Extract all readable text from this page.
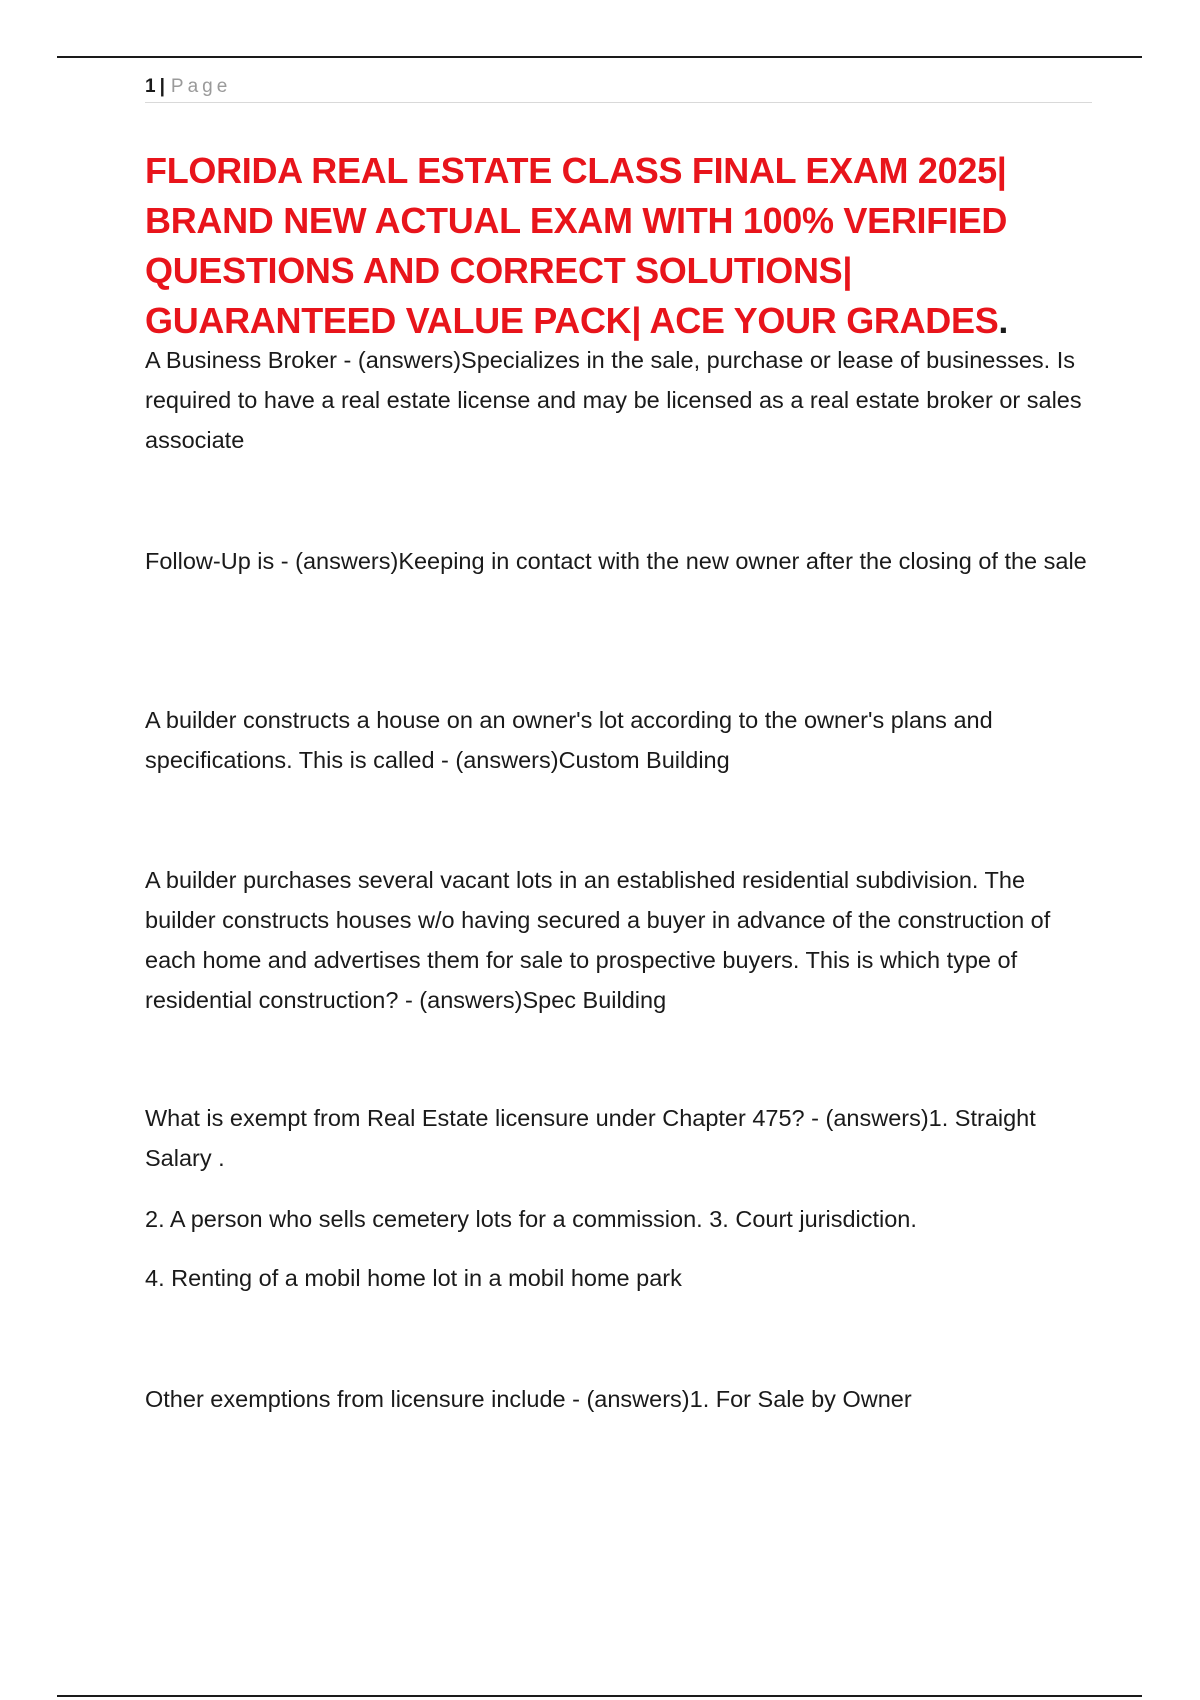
1 | Page
FLORIDA REAL ESTATE CLASS FINAL EXAM 2025| BRAND NEW ACTUAL EXAM WITH 100% VERIFIED QUESTIONS AND CORRECT SOLUTIONS| GUARANTEED VALUE PACK| ACE YOUR GRADES.

A Business Broker - (answers)Specializes in the sale, purchase or lease of businesses. Is required to have a real estate license and may be licensed as a real estate broker or sales associate

Follow-Up is - (answers)Keeping in contact with the new owner after the closing of the sale

A builder constructs a house on an owner's lot according to the owner's plans and specifications. This is called - (answers)Custom Building

A builder purchases several vacant lots in an established residential subdivision. The builder constructs houses w/o having secured a buyer in advance of the construction of each home and advertises them for sale to prospective buyers. This is which type of residential construction? - (answers)Spec Building

What is exempt from Real Estate licensure under Chapter 475? - (answers)1. Straight Salary .

2. A person who sells cemetery lots for a commission. 3. Court jurisdiction.

4. Renting of a mobil home lot in a mobil home park

Other exemptions from licensure include - (answers)1. For Sale by Owner
